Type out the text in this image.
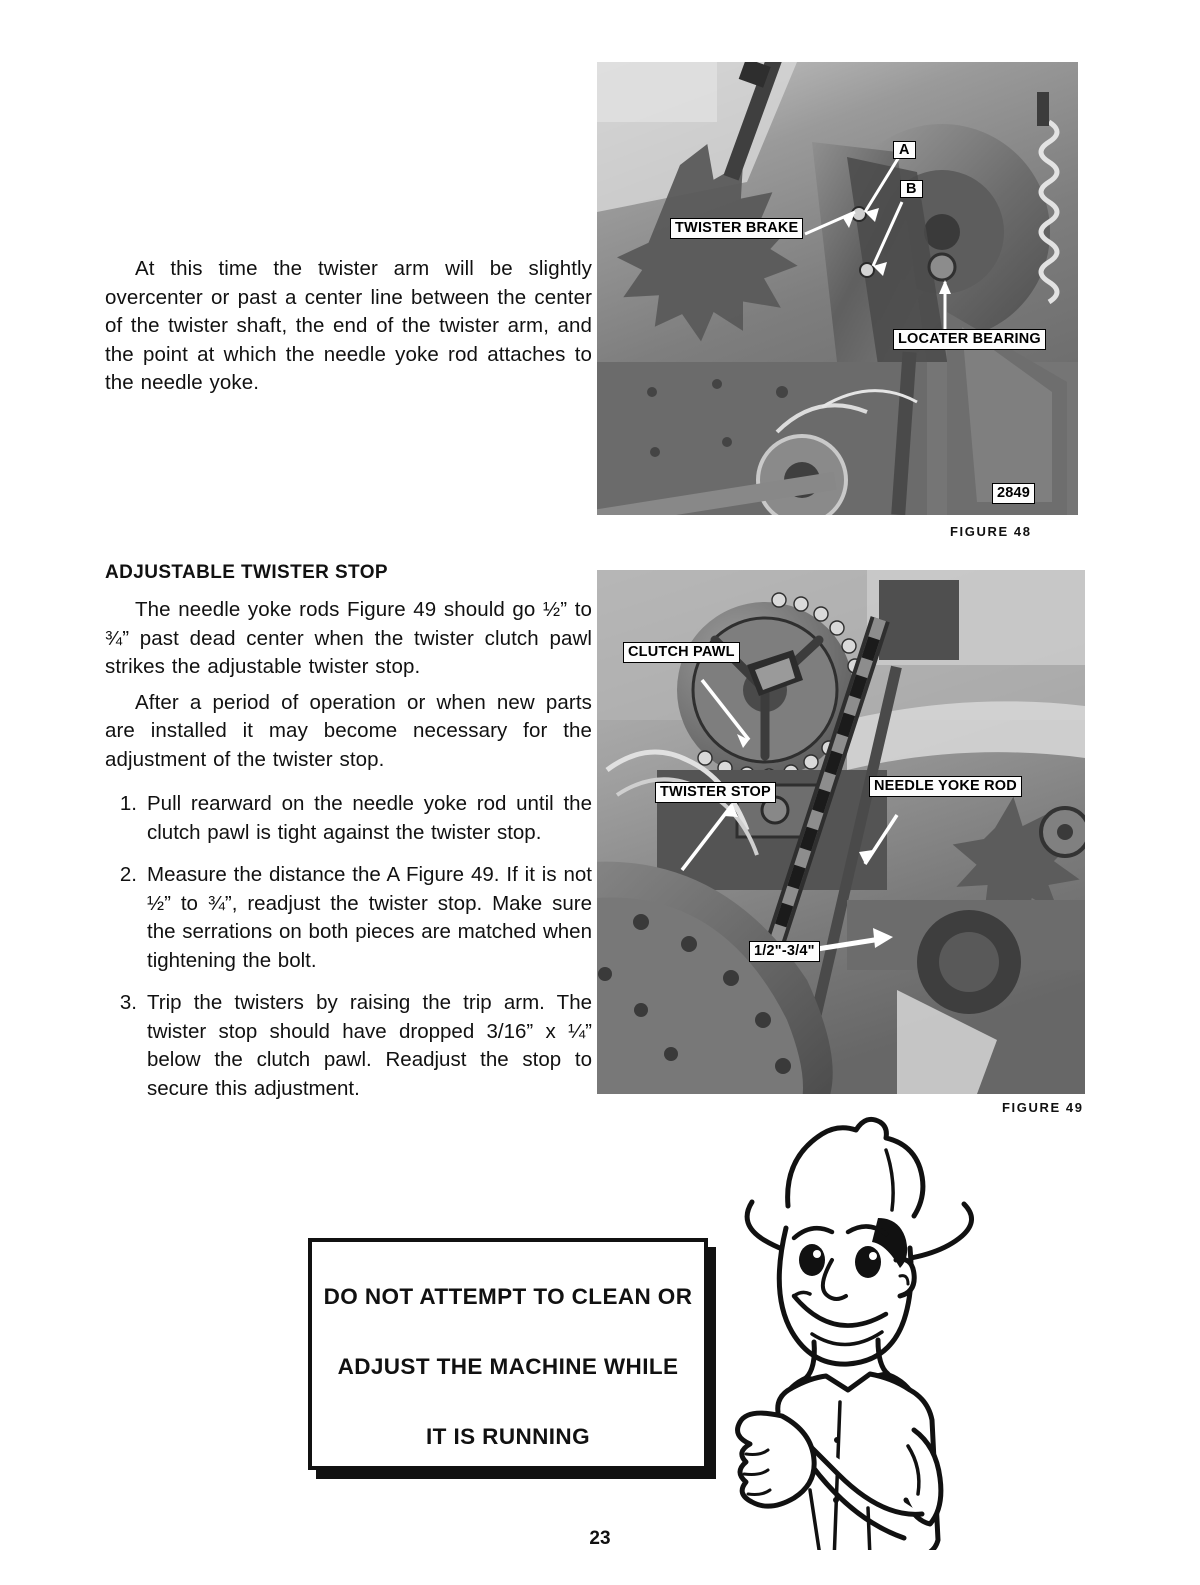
At this time the twister arm will be slightly overcenter or past a center line between the center of the twister shaft, the end of the twister arm, and the point at which the needle yoke rod attaches to the needle yoke.

ADJUSTABLE TWISTER STOP

The needle yoke rods Figure 49 should go ½” to ¾” past dead center when the twister clutch pawl strikes the adjustable twister stop.

After a period of operation or when new parts are installed it may become necessary for the adjustment of the twister stop.

1. Pull rearward on the needle yoke rod until the clutch pawl is tight against the twister stop.
2. Measure the distance the A Figure 49. If it is not ½” to ¾”, readjust the twister stop. Make sure the serrations on both pieces are matched when tightening the bolt.
3. Trip the twisters by raising the trip arm. The twister stop should have dropped 3/16” x ¼” below the clutch pawl. Readjust the stop to secure this adjustment.
A
B
TWISTER BRAKE
LOCATER BEARING
2849
FIGURE 48
CLUTCH PAWL
TWISTER STOP	NEEDLE YOKE ROD
1/2"-3/4"
FIGURE 49
DO NOT ATTEMPT TO CLEAN OR
ADJUST THE MACHINE WHILE
IT IS RUNNING
23
